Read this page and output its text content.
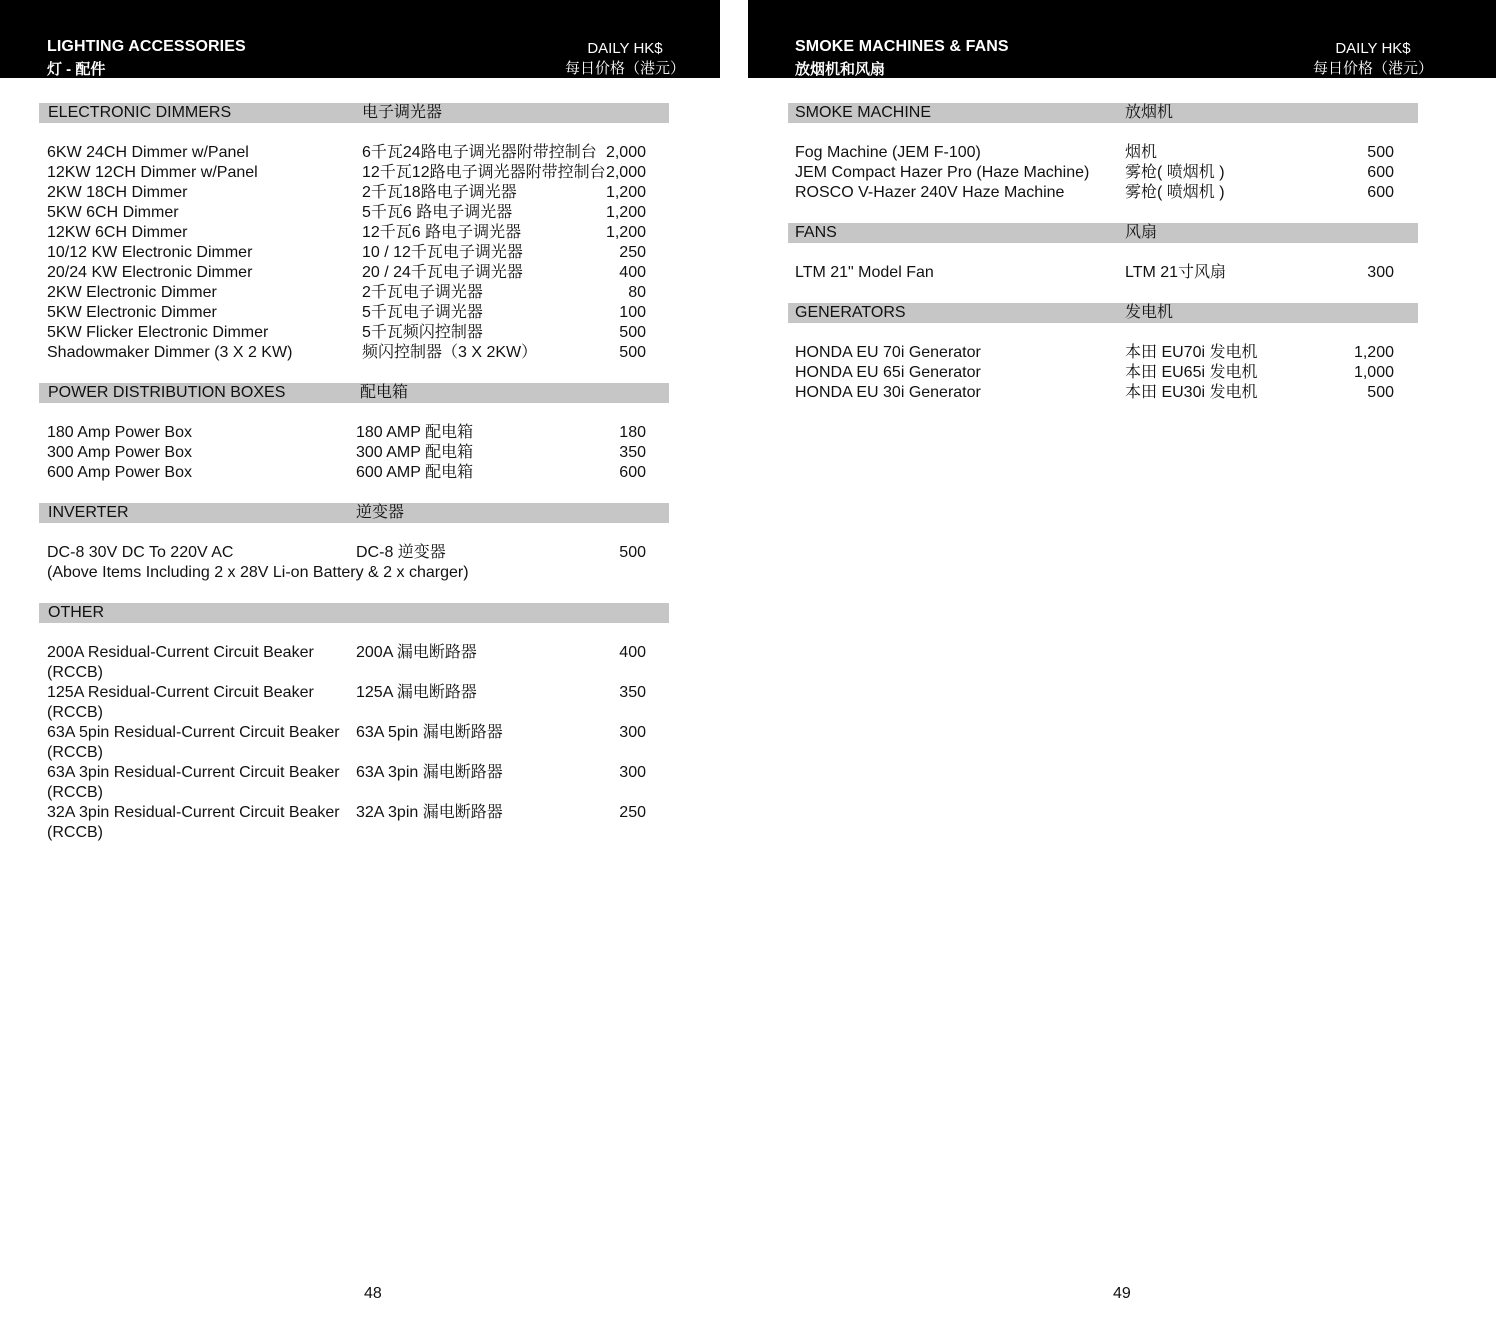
LIGHTING ACCESSORIES
灯 - 配件
DAILY HK$
每日价格（港元）
ELECTRONIC DIMMERS	电子调光器
6KW 24CH Dimmer w/Panel	6千瓦24路电子调光器附带控制台 2,000
12KW 12CH Dimmer w/Panel	12千瓦12路电子调光器附带控制台 2,000
2KW 18CH Dimmer	2千瓦18路电子调光器	1,200
5KW 6CH Dimmer	5千瓦6 路电子调光器	1,200
12KW 6CH Dimmer	12千瓦6 路电子调光器	1,200
10/12 KW Electronic Dimmer	10 / 12千瓦电子调光器	250
20/24 KW Electronic Dimmer	20 / 24千瓦电子调光器	400
2KW Electronic Dimmer	2千瓦电子调光器	80
5KW Electronic Dimmer	5千瓦电子调光器	100
5KW Flicker Electronic Dimmer	5千瓦频闪控制器	500
Shadowmaker Dimmer (3 X 2 KW)	频闪控制器（3 X 2KW）	500
POWER DISTRIBUTION BOXES	配电箱
180 Amp Power Box	180 AMP 配电箱	180
300 Amp Power Box	300 AMP 配电箱	350
600 Amp Power Box	600 AMP 配电箱	600
INVERTER	逆变器
DC-8 30V DC To 220V AC	DC-8 逆变器	500
(Above Items Including 2 x 28V Li-on Battery & 2 x charger)
OTHER
200A Residual-Current Circuit Beaker
(RCCB)
200A 漏电断路器	400
125A Residual-Current Circuit Beaker
(RCCB)
125A 漏电断路器	350
63A 5pin Residual-Current Circuit Beaker
(RCCB)
63A 5pin 漏电断路器	300
63A 3pin Residual-Current Circuit Beaker
(RCCB)
63A 3pin 漏电断路器	300
32A 3pin Residual-Current Circuit Beaker
(RCCB)
32A 3pin 漏电断路器	250
48
SMOKE MACHINES & FANS
放烟机和风扇
DAILY HK$
每日价格（港元）
SMOKE MACHINE	放烟机
Fog Machine (JEM F-100)	烟机	500
JEM Compact Hazer Pro (Haze Machine) 雾枪( 喷烟机 )	600
ROSCO V-Hazer 240V Haze Machine	雾枪( 喷烟机 )	600
FANS	风扇
LTM 21" Model Fan	LTM 21寸风扇	300
GENERATORS	发电机
HONDA EU 70i Generator	本田 EU70i 发电机	1,200
HONDA EU 65i Generator	本田 EU65i 发电机	1,000
HONDA EU 30i Generator	本田 EU30i 发电机	500
49
